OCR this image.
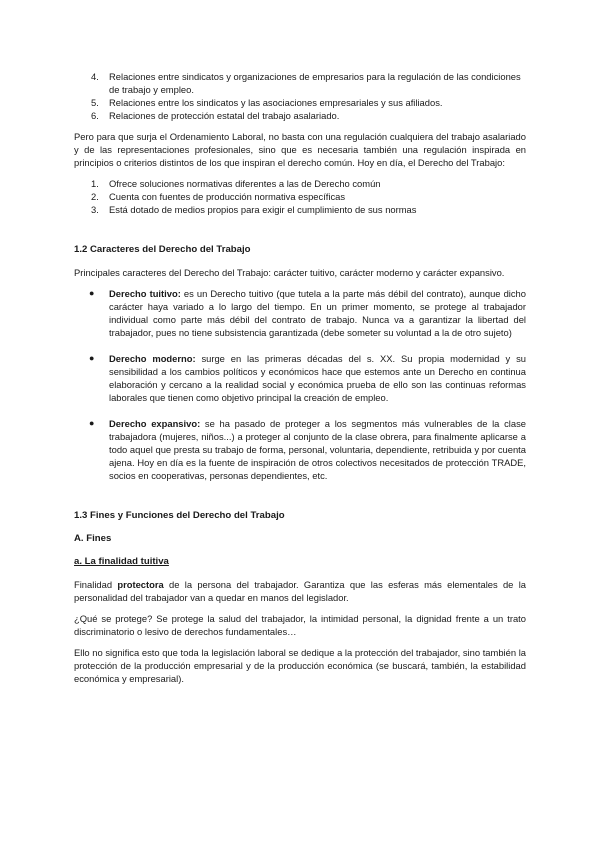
4. Relaciones entre sindicatos y organizaciones de empresarios para la regulación de las condiciones de trabajo y empleo.
5. Relaciones entre los sindicatos y las asociaciones empresariales y sus afiliados.
6. Relaciones de protección estatal del trabajo asalariado.

Pero para que surja el Ordenamiento Laboral, no basta con una regulación cualquiera del trabajo asalariado y de las representaciones profesionales, sino que es necesaria también una regulación inspirada en principios o criterios distintos de los que inspiran el derecho común. Hoy en día, el Derecho del Trabajo:

1. Ofrece soluciones normativas diferentes a las de Derecho común
2. Cuenta con fuentes de producción normativa específicas
3. Está dotado de medios propios para exigir el cumplimiento de sus normas
1.2 Caracteres del Derecho del Trabajo

Principales caracteres del Derecho del Trabajo: carácter tuitivo, carácter moderno y carácter expansivo.

● Derecho tuitivo: es un Derecho tuitivo (que tutela a la parte más débil del contrato), aunque dicho carácter haya variado a lo largo del tiempo. En un primer momento, se protege al trabajador individual como parte más débil del contrato de trabajo. Nunca va a garantizar la libertad del trabajador, pues no tiene subsistencia garantizada (debe someter su voluntad a la de otro sujeto)
● Derecho moderno: surge en las primeras décadas del s. XX. Su propia modernidad y su sensibilidad a los cambios políticos y económicos hace que estemos ante un Derecho en continua elaboración y cercano a la realidad social y económica prueba de ello son las continuas reformas laborales que tienen como objetivo principal la creación de empleo.
● Derecho expansivo: se ha pasado de proteger a los segmentos más vulnerables de la clase trabajadora (mujeres, niños...) a proteger al conjunto de la clase obrera, para finalmente aplicarse a todo aquel que presta su trabajo de forma, personal, voluntaria, dependiente, retribuida y por cuenta ajena. Hoy en día es la fuente de inspiración de otros colectivos necesitados de protección TRADE, socios en cooperativas, personas dependientes, etc.
1.3 Fines y Funciones del Derecho del Trabajo
A. Fines
a. La finalidad tuitiva

Finalidad protectora de la persona del trabajador. Garantiza que las esferas más elementales de la personalidad del trabajador van a quedar en manos del legislador.

¿Qué se protege? Se protege la salud del trabajador, la intimidad personal, la dignidad frente a un trato discriminatorio o lesivo de derechos fundamentales…

Ello no significa esto que toda la legislación laboral se dedique a la protección del trabajador, sino también la protección de la producción empresarial y de la producción económica (se buscará, también, la estabilidad económica y empresarial).
